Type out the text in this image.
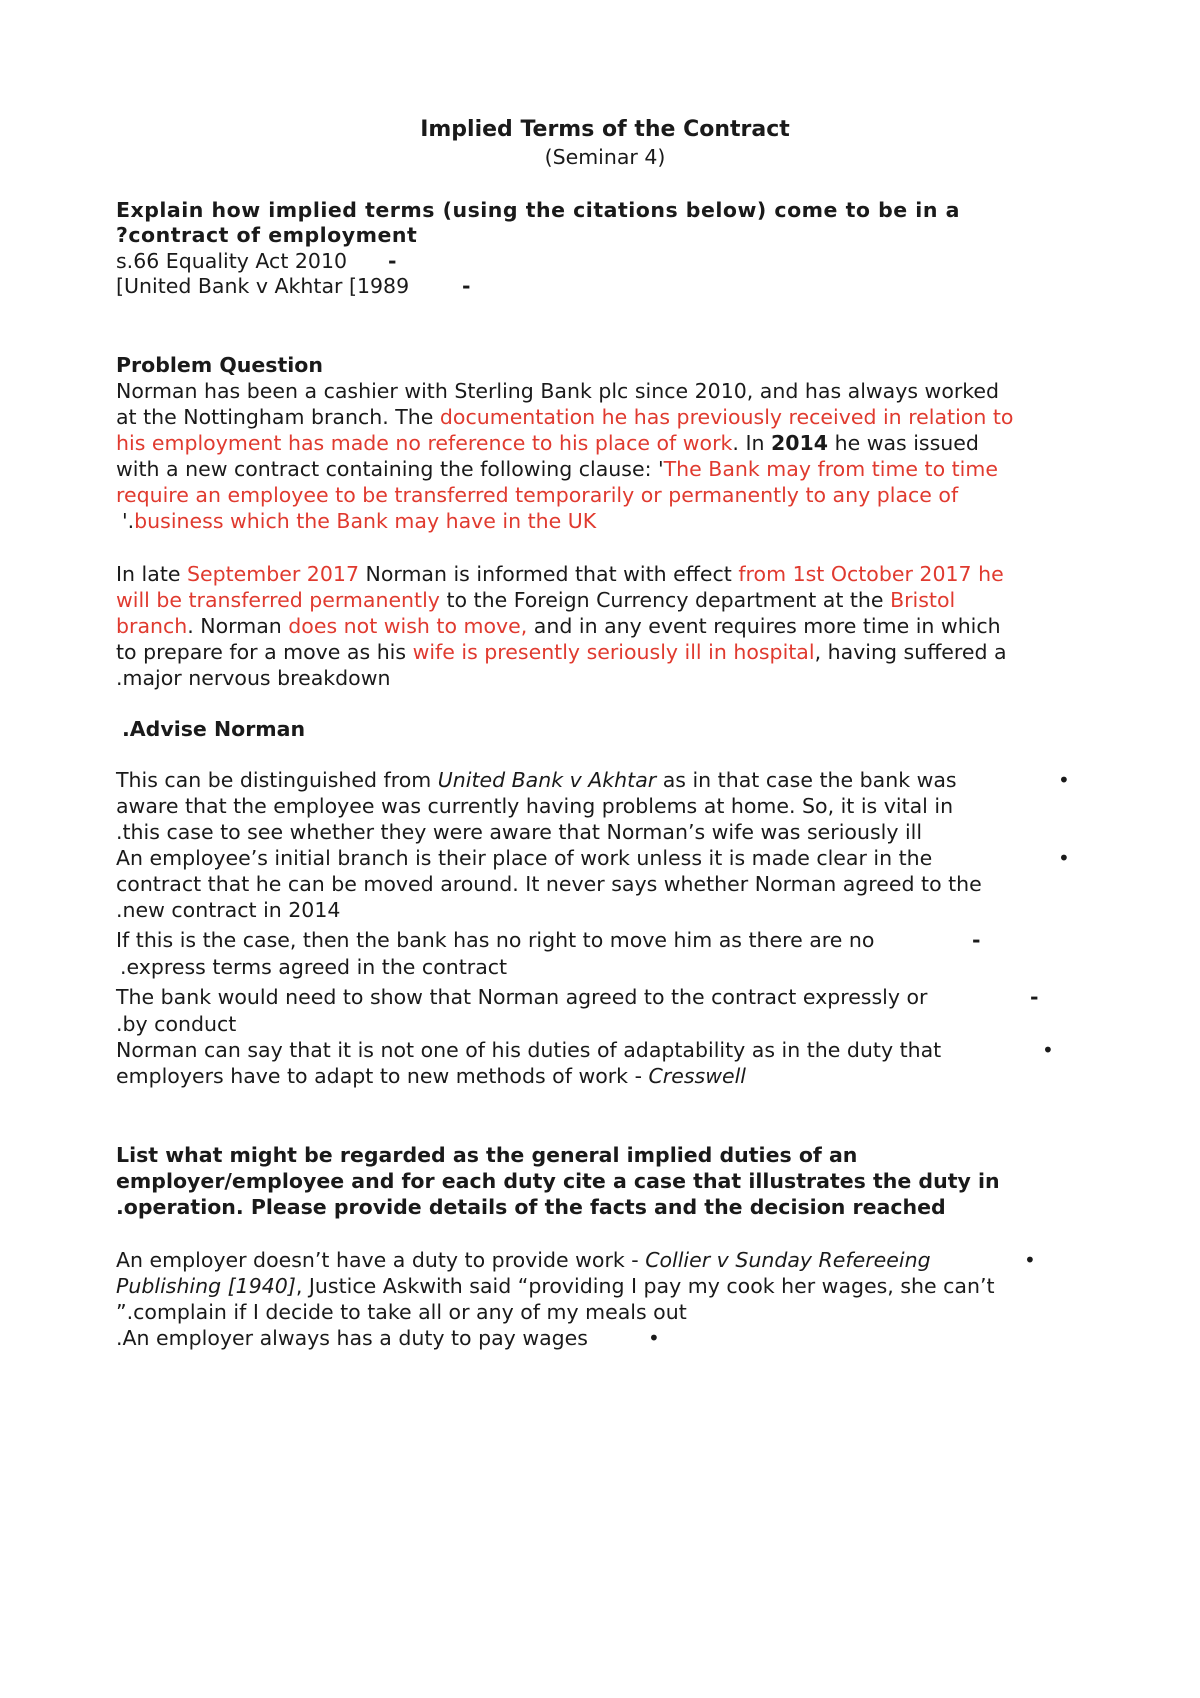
Implied Terms of the Contract
(Seminar 4)
Explain how implied terms (using the citations below) come to be in a
?contract of employment
s.66 Equality Act 2010 -
[United Bank v Akhtar [1989	-
Problem Question
Norman has been a cashier with Sterling Bank plc since 2010, and has always worked
at the Nottingham branch. The documentation he has previously received in relation to
his employment has made no reference to his place of work. In 2014 he was issued
with a new contract containing the following clause: 'The Bank may from time to time
require an employee to be transferred temporarily or permanently to any place of
'.business which the Bank may have in the UK
In late September 2017 Norman is informed that with effect from 1st October 2017 he
will be transferred permanently to the Foreign Currency department at the Bristol
branch. Norman does not wish to move, and in any event requires more time in which
to prepare for a move as his wife is presently seriously ill in hospital, having suffered a
.major nervous breakdown
.Advise Norman
This can be distinguished from United Bank v Akhtar as in that case the bank was	•
aware that the employee was currently having problems at home. So, it is vital in
.this case to see whether they were aware that Norman’s wife was seriously ill
An employee’s initial branch is their place of work unless it is made clear in the	•
contract that he can be moved around. It never says whether Norman agreed to the
.new contract in 2014
If this is the case, then the bank has no right to move him as there are no	-
.express terms agreed in the contract
The bank would need to show that Norman agreed to the contract expressly or	-
.by conduct
Norman can say that it is not one of his duties of adaptability as in the duty that	•
employers have to adapt to new methods of work - Cresswell
List what might be regarded as the general implied duties of an
employer/employee and for each duty cite a case that illustrates the duty in
.operation. Please provide details of the facts and the decision reached
An employer doesn’t have a duty to provide work - Collier v Sunday Refereeing	•
Publishing [1940], Justice Askwith said “providing I pay my cook her wages, she can’t
”.complain if I decide to take all or any of my meals out
.An employer always has a duty to pay wages	•
